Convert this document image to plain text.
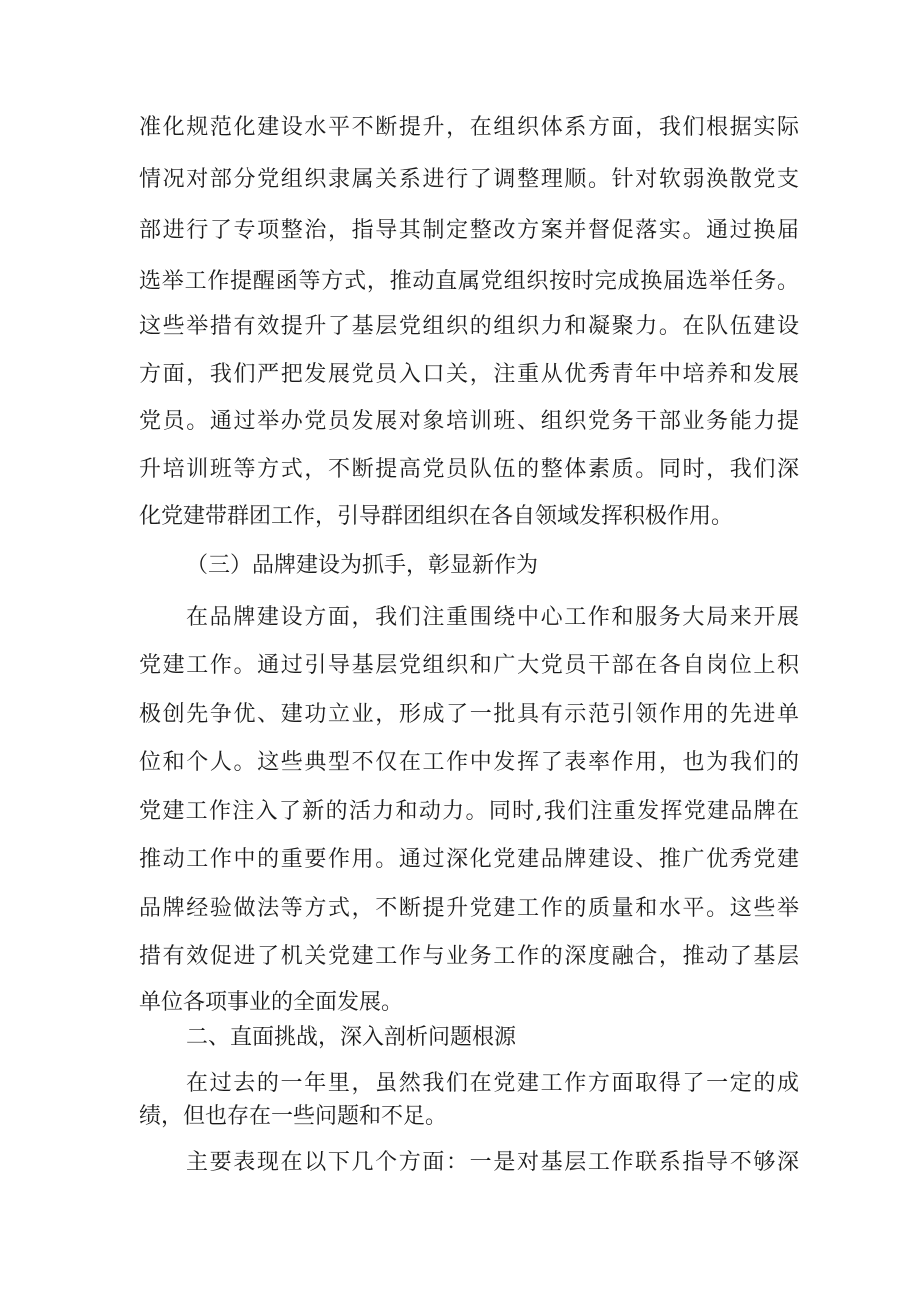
准化规范化建设水平不断提升，在组织体系方面，我们根据实际
情况对部分党组织隶属关系进行了调整理顺。针对软弱涣散党支
部进行了专项整治，指导其制定整改方案并督促落实。通过换届
选举工作提醒函等方式，推动直属党组织按时完成换届选举任务。
这些举措有效提升了基层党组织的组织力和凝聚力。在队伍建设
方面，我们严把发展党员入口关，注重从优秀青年中培养和发展
党员。通过举办党员发展对象培训班、组织党务干部业务能力提
升培训班等方式，不断提高党员队伍的整体素质。同时，我们深
化党建带群团工作，引导群团组织在各自领域发挥积极作用。
（三）品牌建设为抓手，彰显新作为
在品牌建设方面，我们注重围绕中心工作和服务大局来开展
党建工作。通过引导基层党组织和广大党员干部在各自岗位上积
极创先争优、建功立业，形成了一批具有示范引领作用的先进单
位和个人。这些典型不仅在工作中发挥了表率作用，也为我们的
党建工作注入了新的活力和动力。同时,我们注重发挥党建品牌在
推动工作中的重要作用。通过深化党建品牌建设、推广优秀党建
品牌经验做法等方式，不断提升党建工作的质量和水平。这些举
措有效促进了机关党建工作与业务工作的深度融合，推动了基层
单位各项事业的全面发展。
二、直面挑战，深入剖析问题根源
在过去的一年里，虽然我们在党建工作方面取得了一定的成
绩，但也存在一些问题和不足。
主要表现在以下几个方面：一是对基层工作联系指导不够深
